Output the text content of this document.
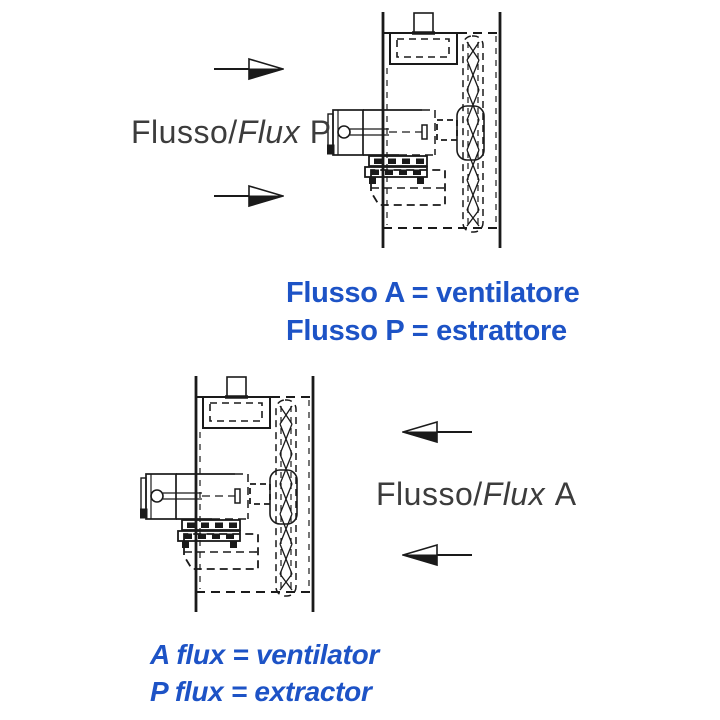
Flusso/Flux P
Flusso A = ventilatore
Flusso P = estrattore
Flusso/Flux A
A flux = ventilator
P flux = extractor
